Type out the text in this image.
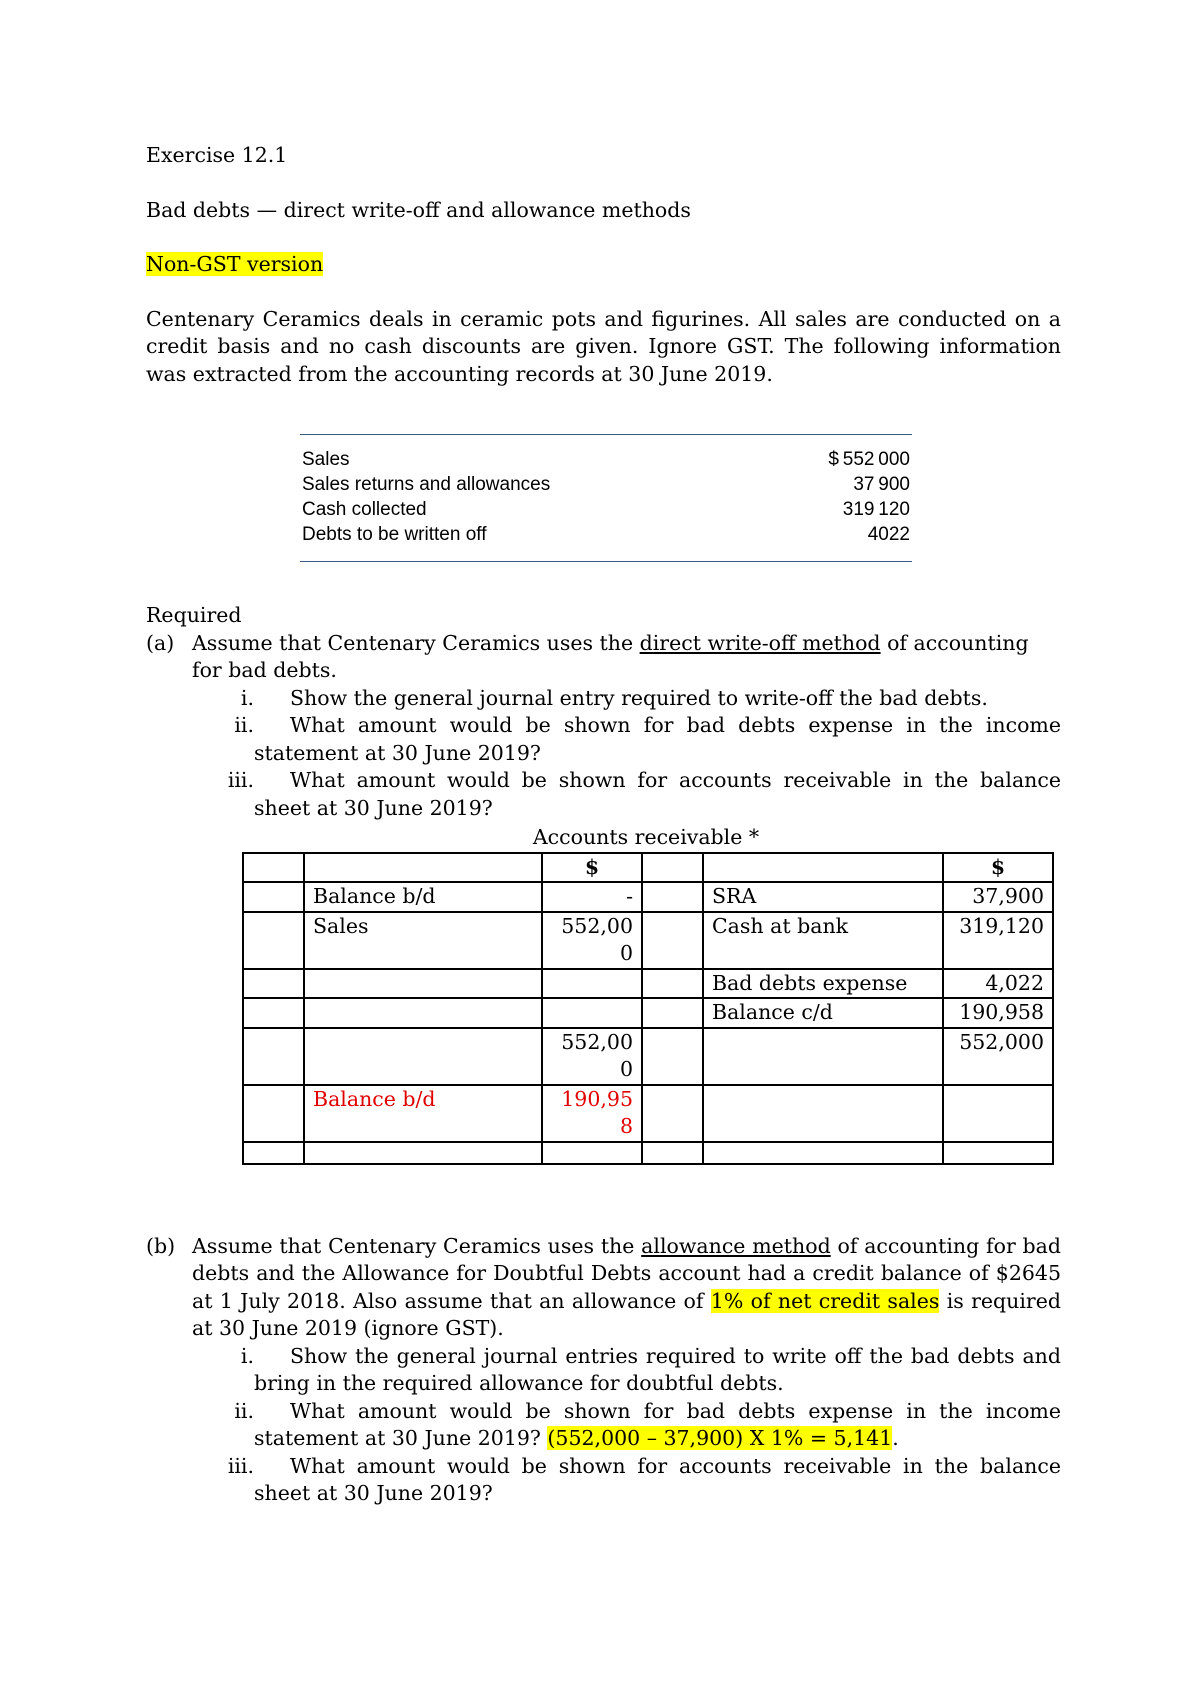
Exercise 12.1

Bad debts — direct write-off and allowance methods

Non-GST version

Centenary Ceramics deals in ceramic pots and figurines. All sales are conducted on a credit basis and no cash discounts are given. Ignore GST. The following information was extracted from the accounting records at 30 June 2019.

Sales	$ 552 000
Sales returns and allowances	37 900
Cash collected	319 120
Debts to be written off	4022

Required

(a) Assume that Centenary Ceramics uses the direct write-off method of accounting for bad debts.
i.	Show the general journal entry required to write-off the bad debts.
ii.	What amount would be shown for bad debts expense in the income statement at 30 June 2019?
iii.	What amount would be shown for accounts receivable in the balance sheet at 30 June 2019?

Accounts receivable *

		$			$
	Balance b/d	-		SRA	37,900
	Sales	552,000		Cash at bank	319,120
				Bad debts expense	4,022
				Balance c/d	190,958
		552,000			552,000
	Balance b/d	190,958			

(b) Assume that Centenary Ceramics uses the allowance method of accounting for bad debts and the Allowance for Doubtful Debts account had a credit balance of $2645 at 1 July 2018. Also assume that an allowance of 1% of net credit sales is required at 30 June 2019 (ignore GST).
i.	Show the general journal entries required to write off the bad debts and bring in the required allowance for doubtful debts.
ii.	What amount would be shown for bad debts expense in the income statement at 30 June 2019? (552,000 – 37,900) X 1% = 5,141.
iii.	What amount would be shown for accounts receivable in the balance sheet at 30 June 2019?
